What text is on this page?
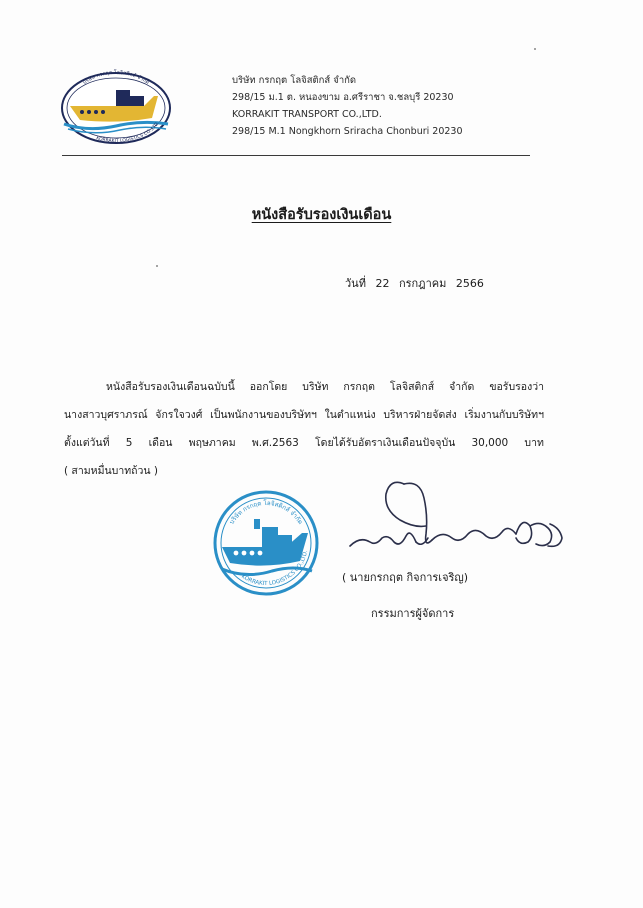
บริษัท กรกฤต โลจิสติกส์ จำกัด
KORRAKIT LOGISTICS CO.,LTD.
บริษัท กรกฤต โลจิสติกส์ จำกัด
298/15 ม.1 ต. หนองขาม อ.ศรีราชา จ.ชลบุรี 20230
KORRAKIT TRANSPORT CO.,LTD.
298/15 M.1 Nongkhorn Sriracha Chonburi 20230
หนังสือรับรองเงินเดือน
วันที่ 22 กรกฎาคม 2566
หนังสือรับรองเงินเดือนฉบับนี้ ออกโดย บริษัท กรกฤต โลจิสติกส์ จำกัด ขอรับรองว่า
นางสาวบุศราภรณ์ จักรใจวงศ์ เป็นพนักงานของบริษัทฯ ในตำแหน่ง บริหารฝ่ายจัดส่ง เริ่มงานกับบริษัทฯ
ตั้งแต่วันที่ 5 เดือน พฤษภาคม พ.ศ.2563 โดยได้รับอัตราเงินเดือนปัจจุบัน 30,000 บาท
( สามหมื่นบาทถ้วน )
บริษัท กรกฤต โลจิสติกส์ จำกัด
KORRAKIT LOGISTICS CO.,LTD.
( นายกรกฤต กิจการเจริญ)
กรรมการผู้จัดการ
